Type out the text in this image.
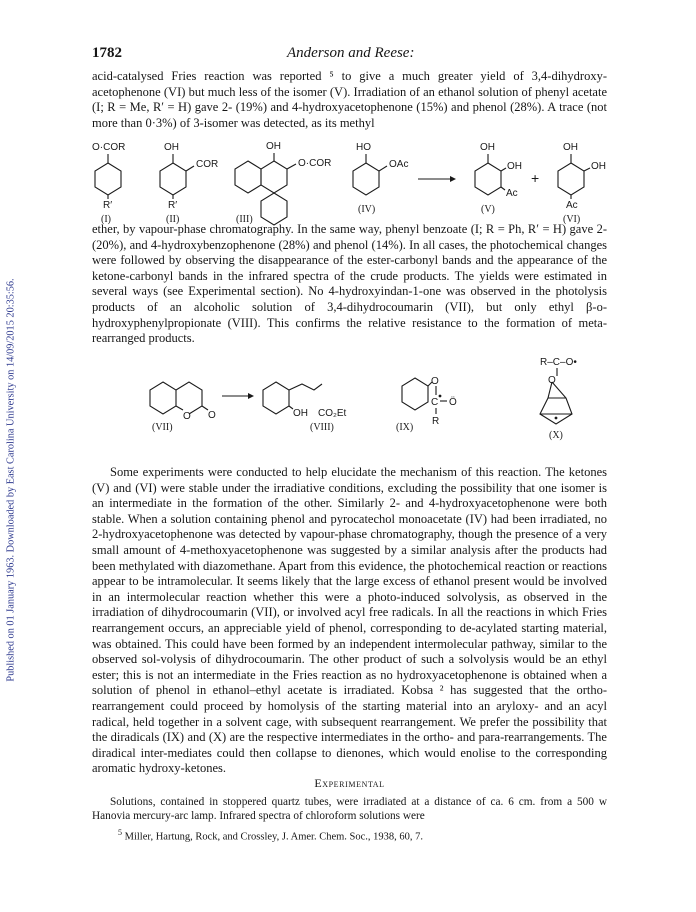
Published on 01 January 1963. Downloaded by East Carolina University on 14/09/2015 20:35:56.
1782	Anderson and Reese:

acid-catalysed Fries reaction was reported ⁵ to give a much greater yield of 3,4-dihydroxy-acetophenone (VI) but much less of the isomer (V). Irradiation of an ethanol solution of phenyl acetate (I; R = Me, R′ = H) gave 2- (19%) and 4-hydroxyacetophenone (15%) and phenol (28%). A trace (not more than 0·3%) of 3-isomer was detected, as its methyl

O·COR
R′
(I)
OH
COR
R′
(II)
OH
O·COR
(III)
HO
OAc
(IV)
OH
OH
Ac
(V)
+
OH
OH
Ac
(VI)

ether, by vapour-phase chromatography. In the same way, phenyl benzoate (I; R = Ph, R′ = H) gave 2- (20%), and 4-hydroxybenzophenone (28%) and phenol (14%). In all cases, the photochemical changes were followed by observing the disappearance of the ester-carbonyl bands and the appearance of the ketone-carbonyl bands in the infrared spectra of the crude products. The yields were estimated in several ways (see Experimental section). No 4-hydroxyindan-1-one was observed in the photolysis products of an alcoholic solution of 3,4-dihydrocoumarin (VII), but only ethyl β-o-hydroxyphenylpropionate (VIII). This confirms the relative resistance to the formation of meta-rearranged products.

O O
(VII)
OH CO₂Et
(VIII)
O
C Ö
R
(IX)
R–C–O•
O
(X)

Some experiments were conducted to help elucidate the mechanism of this reaction. The ketones (V) and (VI) were stable under the irradiative conditions, excluding the possibility that one isomer is an intermediate in the formation of the other. Similarly 2- and 4-hydroxyacetophenone were both stable. When a solution containing phenol and pyrocatechol monoacetate (IV) had been irradiated, no 2-hydroxyacetophenone was detected by vapour-phase chromatography, though the presence of a very small amount of 4-methoxyacetophenone was suggested by a similar analysis after the products had been methylated with diazomethane. Apart from this evidence, the photochemical reaction or reactions appear to be intramolecular. It seems likely that the large excess of ethanol present would be involved in an intermolecular reaction whether this were a photo-induced solvolysis, as observed in the irradiation of dihydrocoumarin (VII), or involved acyl free radicals. In all the reactions in which Fries rearrangement occurs, an appreciable yield of phenol, corresponding to de-acylated starting material, was obtained. This could have been formed by an independent intermolecular pathway, similar to the observed sol-volysis of dihydrocoumarin. The other product of such a solvolysis would be an ethyl ester; this is not an intermediate in the Fries reaction as no hydroxyacetophenone is obtained when a solution of phenol in ethanol–ethyl acetate is irradiated. Kobsa ² has suggested that the ortho-rearrangement could proceed by homolysis of the starting material into an aryloxy- and an acyl radical, held together in a solvent cage, with subsequent rearrangement. We prefer the possibility that the diradicals (IX) and (X) are the respective intermediates in the ortho- and para-rearrangements. The diradical inter-mediates could then collapse to dienones, which would enolise to the corresponding aromatic hydroxy-ketones.

Experimental

Solutions, contained in stoppered quartz tubes, were irradiated at a distance of ca. 6 cm. from a 500 w Hanovia mercury-arc lamp. Infrared spectra of chloroform solutions were

$^5$ Miller, Hartung, Rock, and Crossley, J. Amer. Chem. Soc., 1938, 60, 7.
